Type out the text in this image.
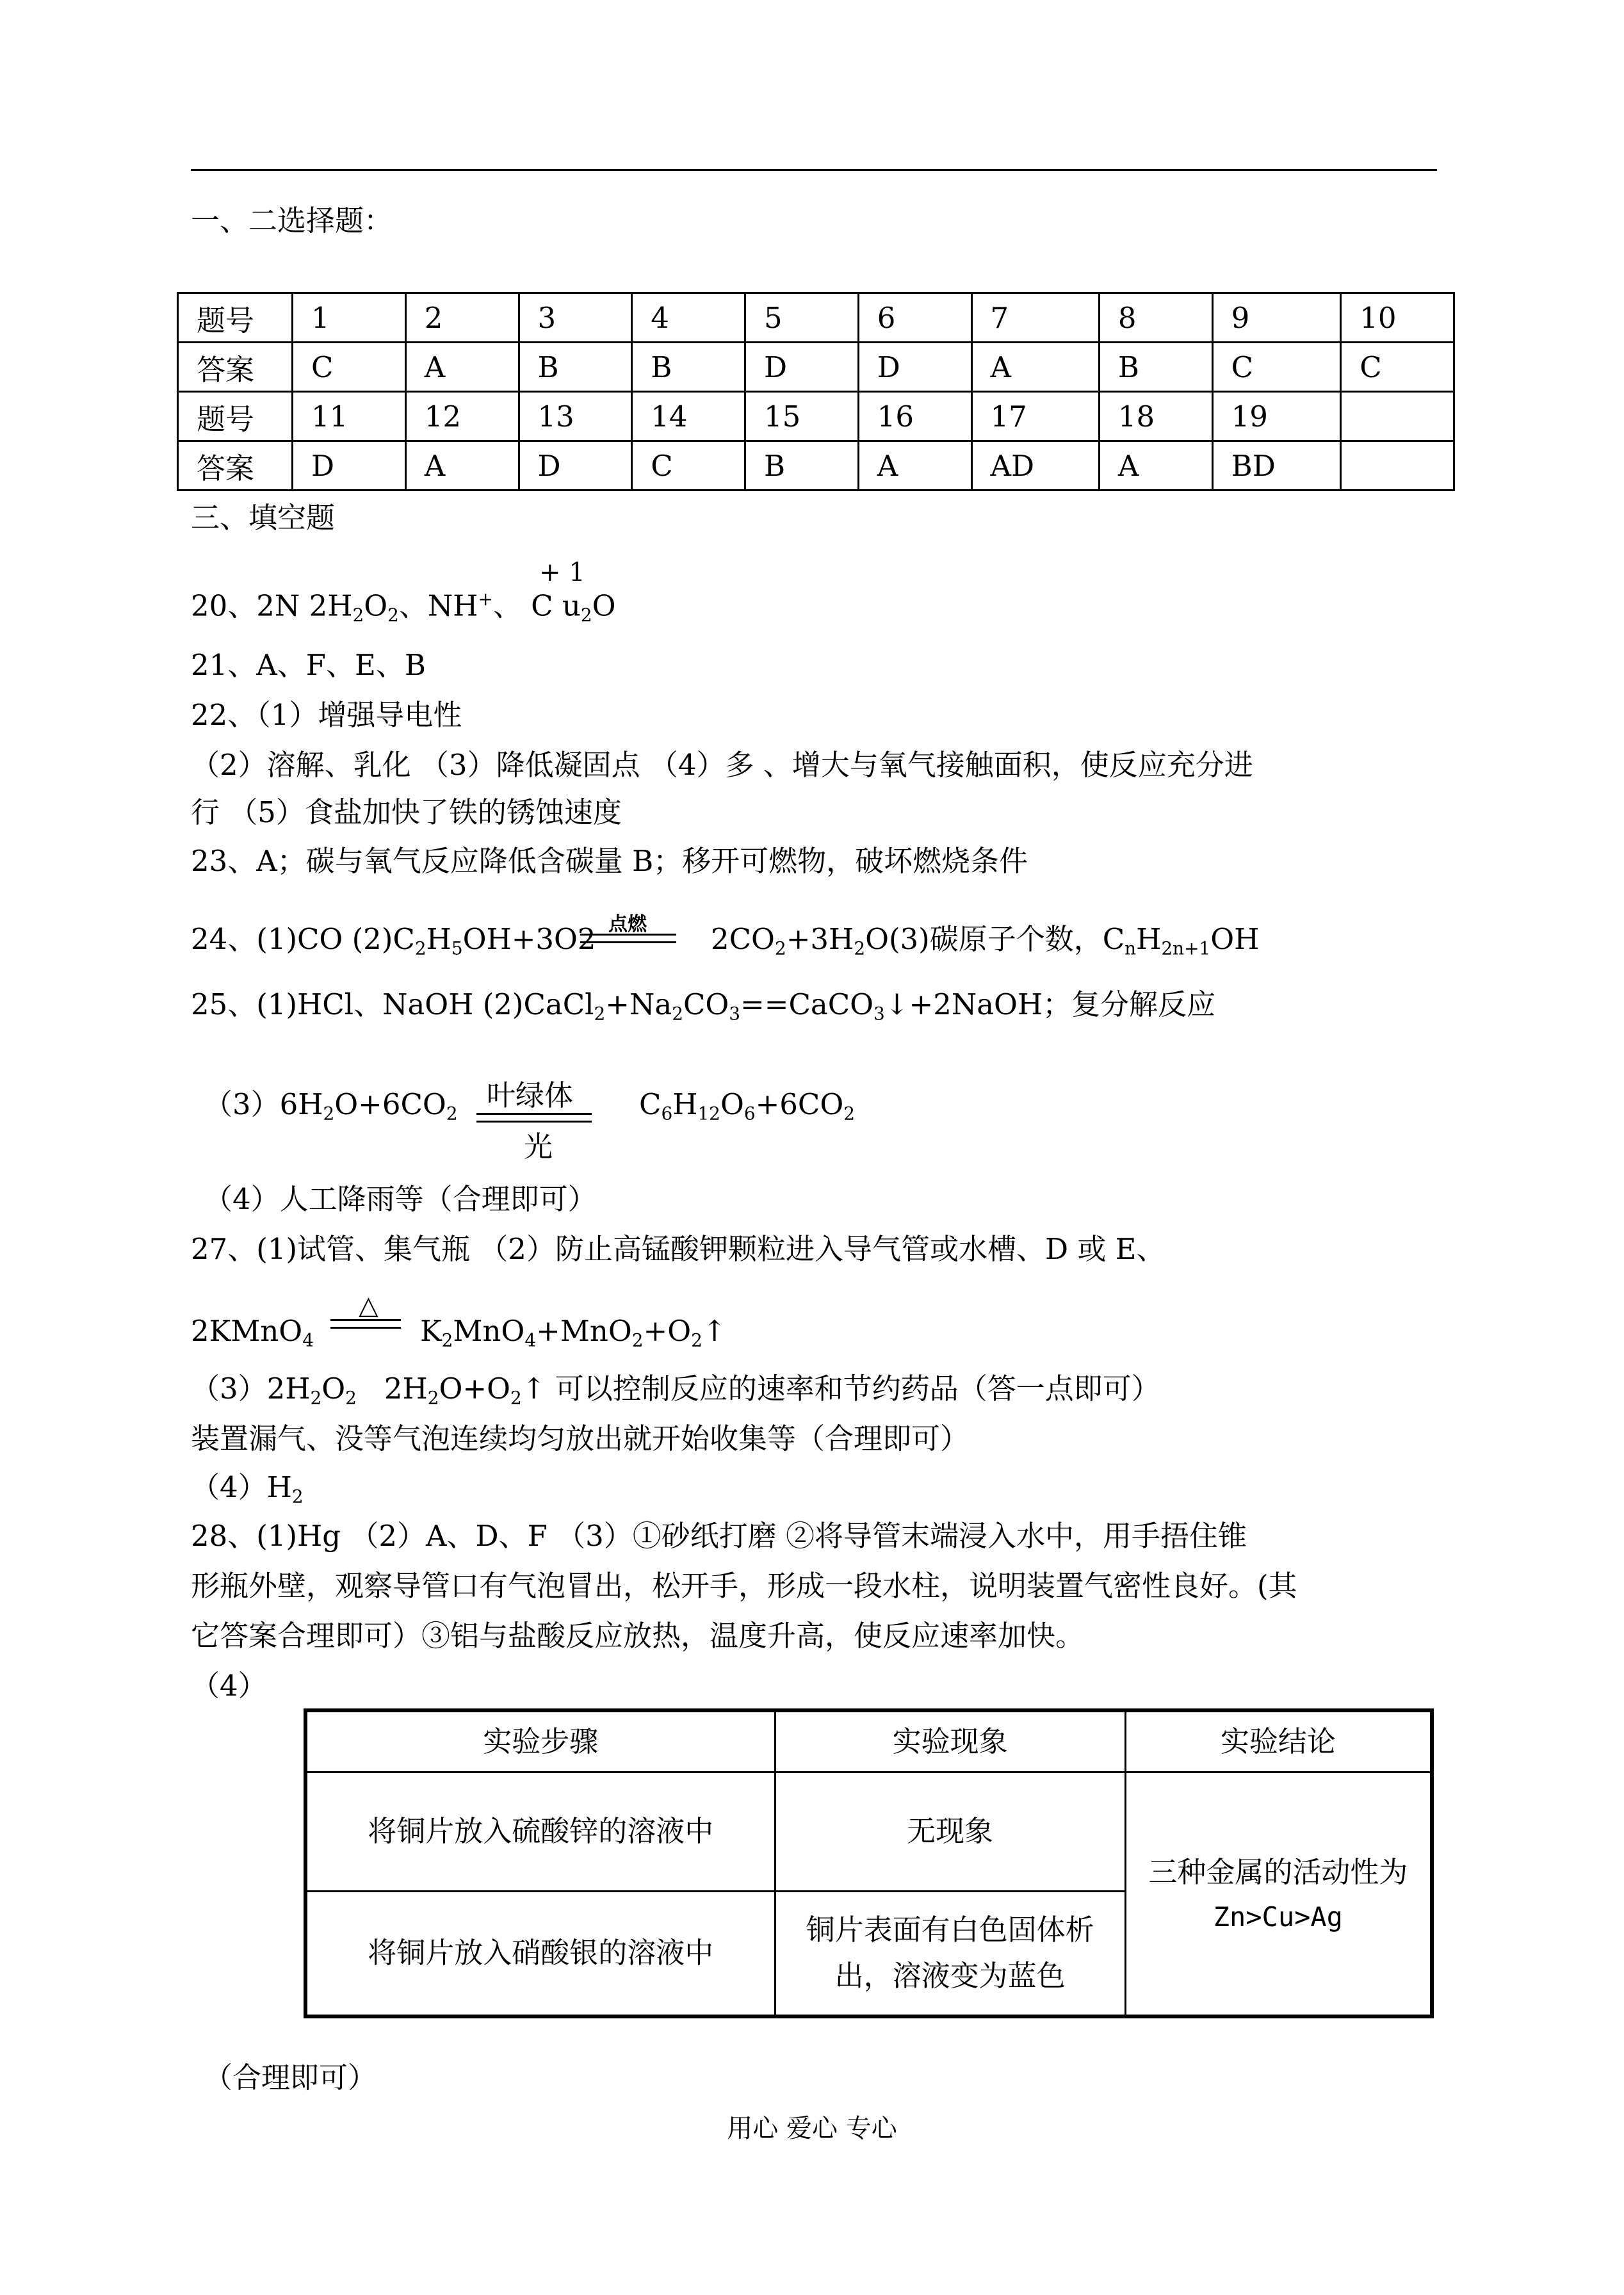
一、二选择题：
题号	1	2	3	4	5	6	7	8	9	10
答案	C	A	B	B	D	D	A	B	C	C
题号	11	12	13	14	15	16	17	18	19	
答案	D	A	D	C	B	A	AD	A	BD	
三、填空题
+ 1
20、2N $2H_2O_2$、NH+、 C $u_2O$
21、A、F、E、B
22、（1）增强导电性
（2）溶解、乳化 （3）降低凝固点 （4）多 、增大与氧气接触面积，使反应充分进
行 （5）食盐加快了铁的锈蚀速度
23、A；碳与氧气反应降低含碳量 B；移开可燃物，破坏燃烧条件
24、(1)CO $(2)C_2H_5OH+3O2$ 点燃 $2CO_2+3H_2O(3)$碳原子个数，$C_nH_{2n+1}OH$
25、(1)HCl、NaOH $(2)CaCl_2+Na_2CO_3==CaCO_3↓+2NaOH$；复分解反应
$(3)6H_2O+6CO_2$
叶绿体
光
$C_6H_{12}O_6+6CO_2$
（4）人工降雨等（合理即可）
27、(1)试管、集气瓶 （2）防止高锰酸钾颗粒进入导气管或水槽、D 或 E、
2KMnO$_4$
△
$K_2MnO_4+MnO_2+O_2↑$
$(3)2H_2O_2$   $2H_2O+O_2↑$ 可以控制反应的速率和节约药品（答一点即可）
装置漏气、没等气泡连续均匀放出就开始收集等（合理即可）
$(4)H_2$
28、(1)Hg （2）A、D、F （3）①砂纸打磨 ②将导管末端浸入水中，用手捂住锥
形瓶外壁，观察导管口有气泡冒出，松开手，形成一段水柱，说明装置气密性良好。(其
它答案合理即可）③铝与盐酸反应放热，温度升高，使反应速率加快。
（4）
实验步骤	实验现象	实验结论
将铜片放入硫酸锌的溶液中	无现象	三种金属的活动性为
Zn>Cu>Ag

将铜片放入硝酸银的溶液中	铜片表面有白色固体析
出，溶液变为蓝色	
（合理即可）
用心 爱心 专心
